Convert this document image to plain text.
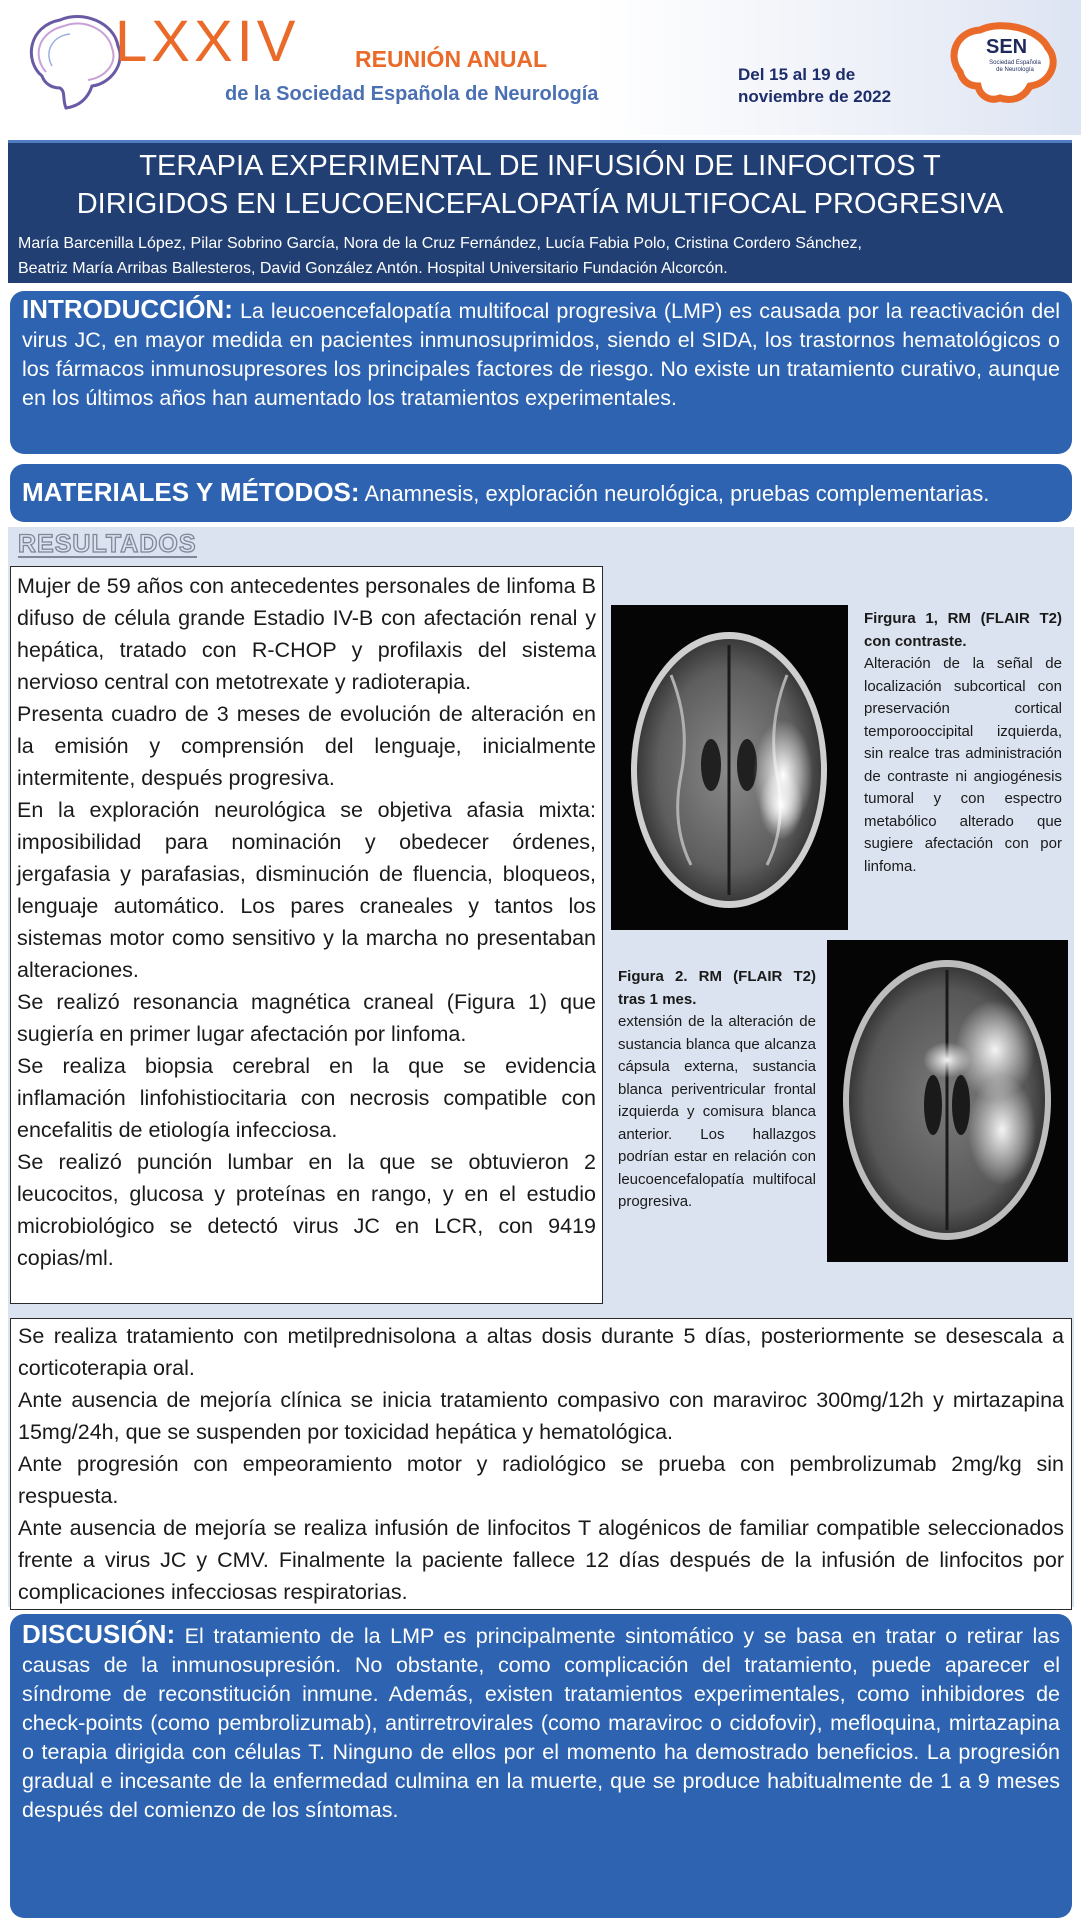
LXXIV REUNIÓN ANUAL
de la Sociedad Española de Neurología
Del 15 al 19 de
noviembre de 2022
SEN
Sociedad Española de Neurología
TERAPIA EXPERIMENTAL DE INFUSIÓN DE LINFOCITOS T
DIRIGIDOS EN LEUCOENCEFALOPATÍA MULTIFOCAL PROGRESIVA
María Barcenilla López, Pilar Sobrino García, Nora de la Cruz Fernández, Lucía Fabia Polo, Cristina Cordero Sánchez,
Beatriz María Arribas Ballesteros, David González Antón. Hospital Universitario Fundación Alcorcón.

INTRODUCCIÓN: La leucoencefalopatía multifocal progresiva (LMP) es causada por la reactivación del virus JC, en mayor medida en pacientes inmunosuprimidos, siendo el SIDA, los trastornos hematológicos o los fármacos inmunosupresores los principales factores de riesgo. No existe un tratamiento curativo, aunque en los últimos años han aumentado los tratamientos experimentales.

MATERIALES Y MÉTODOS: Anamnesis, exploración neurológica, pruebas complementarias.

RESULTADOS

Mujer de 59 años con antecedentes personales de linfoma B difuso de célula grande Estadio IV-B con afectación renal y hepática, tratado con R-CHOP y profilaxis del sistema nervioso central con metotrexate y radioterapia.

Presenta cuadro de 3 meses de evolución de alteración en la emisión y comprensión del lenguaje, inicialmente intermitente, después progresiva.

En la exploración neurológica se objetiva afasia mixta: imposibilidad para nominación y obedecer órdenes, jergafasia y parafasias, disminución de fluencia, bloqueos, lenguaje automático. Los pares craneales y tantos los sistemas motor como sensitivo y la marcha no presentaban alteraciones.

Se realizó resonancia magnética craneal (Figura 1) que sugiería en primer lugar afectación por linfoma.

Se realiza biopsia cerebral en la que se evidencia inflamación linfohistiocitaria con necrosis compatible con encefalitis de etiología infecciosa.

Se realizó punción lumbar en la que se obtuvieron 2 leucocitos, glucosa y proteínas en rango, y en el estudio microbiológico se detectó virus JC en LCR, con 9419 copias/ml.

Firgura 1, RM (FLAIR T2) con contraste.
Alteración de la señal de localización subcortical con preservación cortical temporooccipital izquierda, sin realce tras administración de contraste ni angiogénesis tumoral y con espectro metabólico alterado que sugiere afectación con por linfoma.
Figura 2. RM (FLAIR T2) tras 1 mes.
extensión de la alteración de sustancia blanca que alcanza cápsula externa, sustancia blanca periventricular frontal izquierda y comisura blanca anterior. Los hallazgos podrían estar en relación con leucoencefalopatía multifocal progresiva.

Se realiza tratamiento con metilprednisolona a altas dosis durante 5 días, posteriormente se desescala a corticoterapia oral.

Ante ausencia de mejoría clínica se inicia tratamiento compasivo con maraviroc 300mg/12h y mirtazapina 15mg/24h, que se suspenden por toxicidad hepática y hematológica.

Ante progresión con empeoramiento motor y radiológico se prueba con pembrolizumab 2mg/kg sin respuesta.

Ante ausencia de mejoría se realiza infusión de linfocitos T alogénicos de familiar compatible seleccionados frente a virus JC y CMV. Finalmente la paciente fallece 12 días después de la infusión de linfocitos por complicaciones infecciosas respiratorias.

DISCUSIÓN: El tratamiento de la LMP es principalmente sintomático y se basa en tratar o retirar las causas de la inmunosupresión. No obstante, como complicación del tratamiento, puede aparecer el síndrome de reconstitución inmune. Además, existen tratamientos experimentales, como inhibidores de check-points (como pembrolizumab), antirretrovirales (como maraviroc o cidofovir), mefloquina, mirtazapina o terapia dirigida con células T. Ninguno de ellos por el momento ha demostrado beneficios. La progresión gradual e incesante de la enfermedad culmina en la muerte, que se produce habitualmente de 1 a 9 meses después del comienzo de los síntomas.
